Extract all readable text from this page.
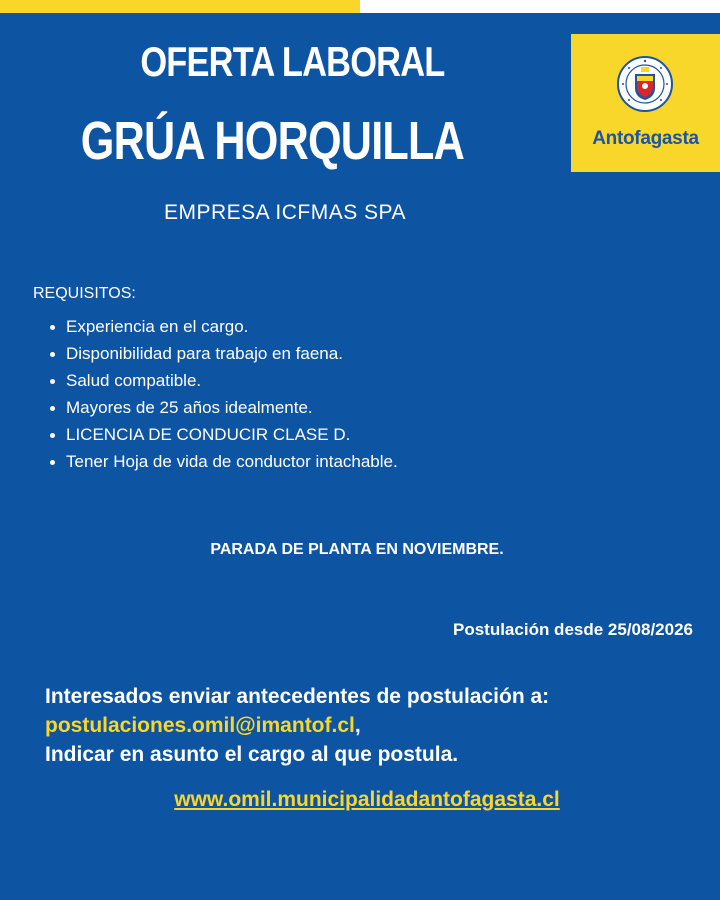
OFERTA LABORAL
GRÚA HORQUILLA
EMPRESA ICFMAS SPA
Antofagasta
REQUISITOS:
Experiencia en el cargo.
Disponibilidad para trabajo en faena.
Salud compatible.
Mayores de 25 años idealmente.
LICENCIA DE CONDUCIR CLASE D.
Tener Hoja de vida de conductor intachable.
PARADA DE PLANTA EN NOVIEMBRE.
Postulación desde 25/08/2026
Interesados enviar antecedentes de postulación a:
postulaciones.omil@imantof.cl,
Indicar en asunto el cargo al que postula.
www.omil.municipalidadantofagasta.cl
